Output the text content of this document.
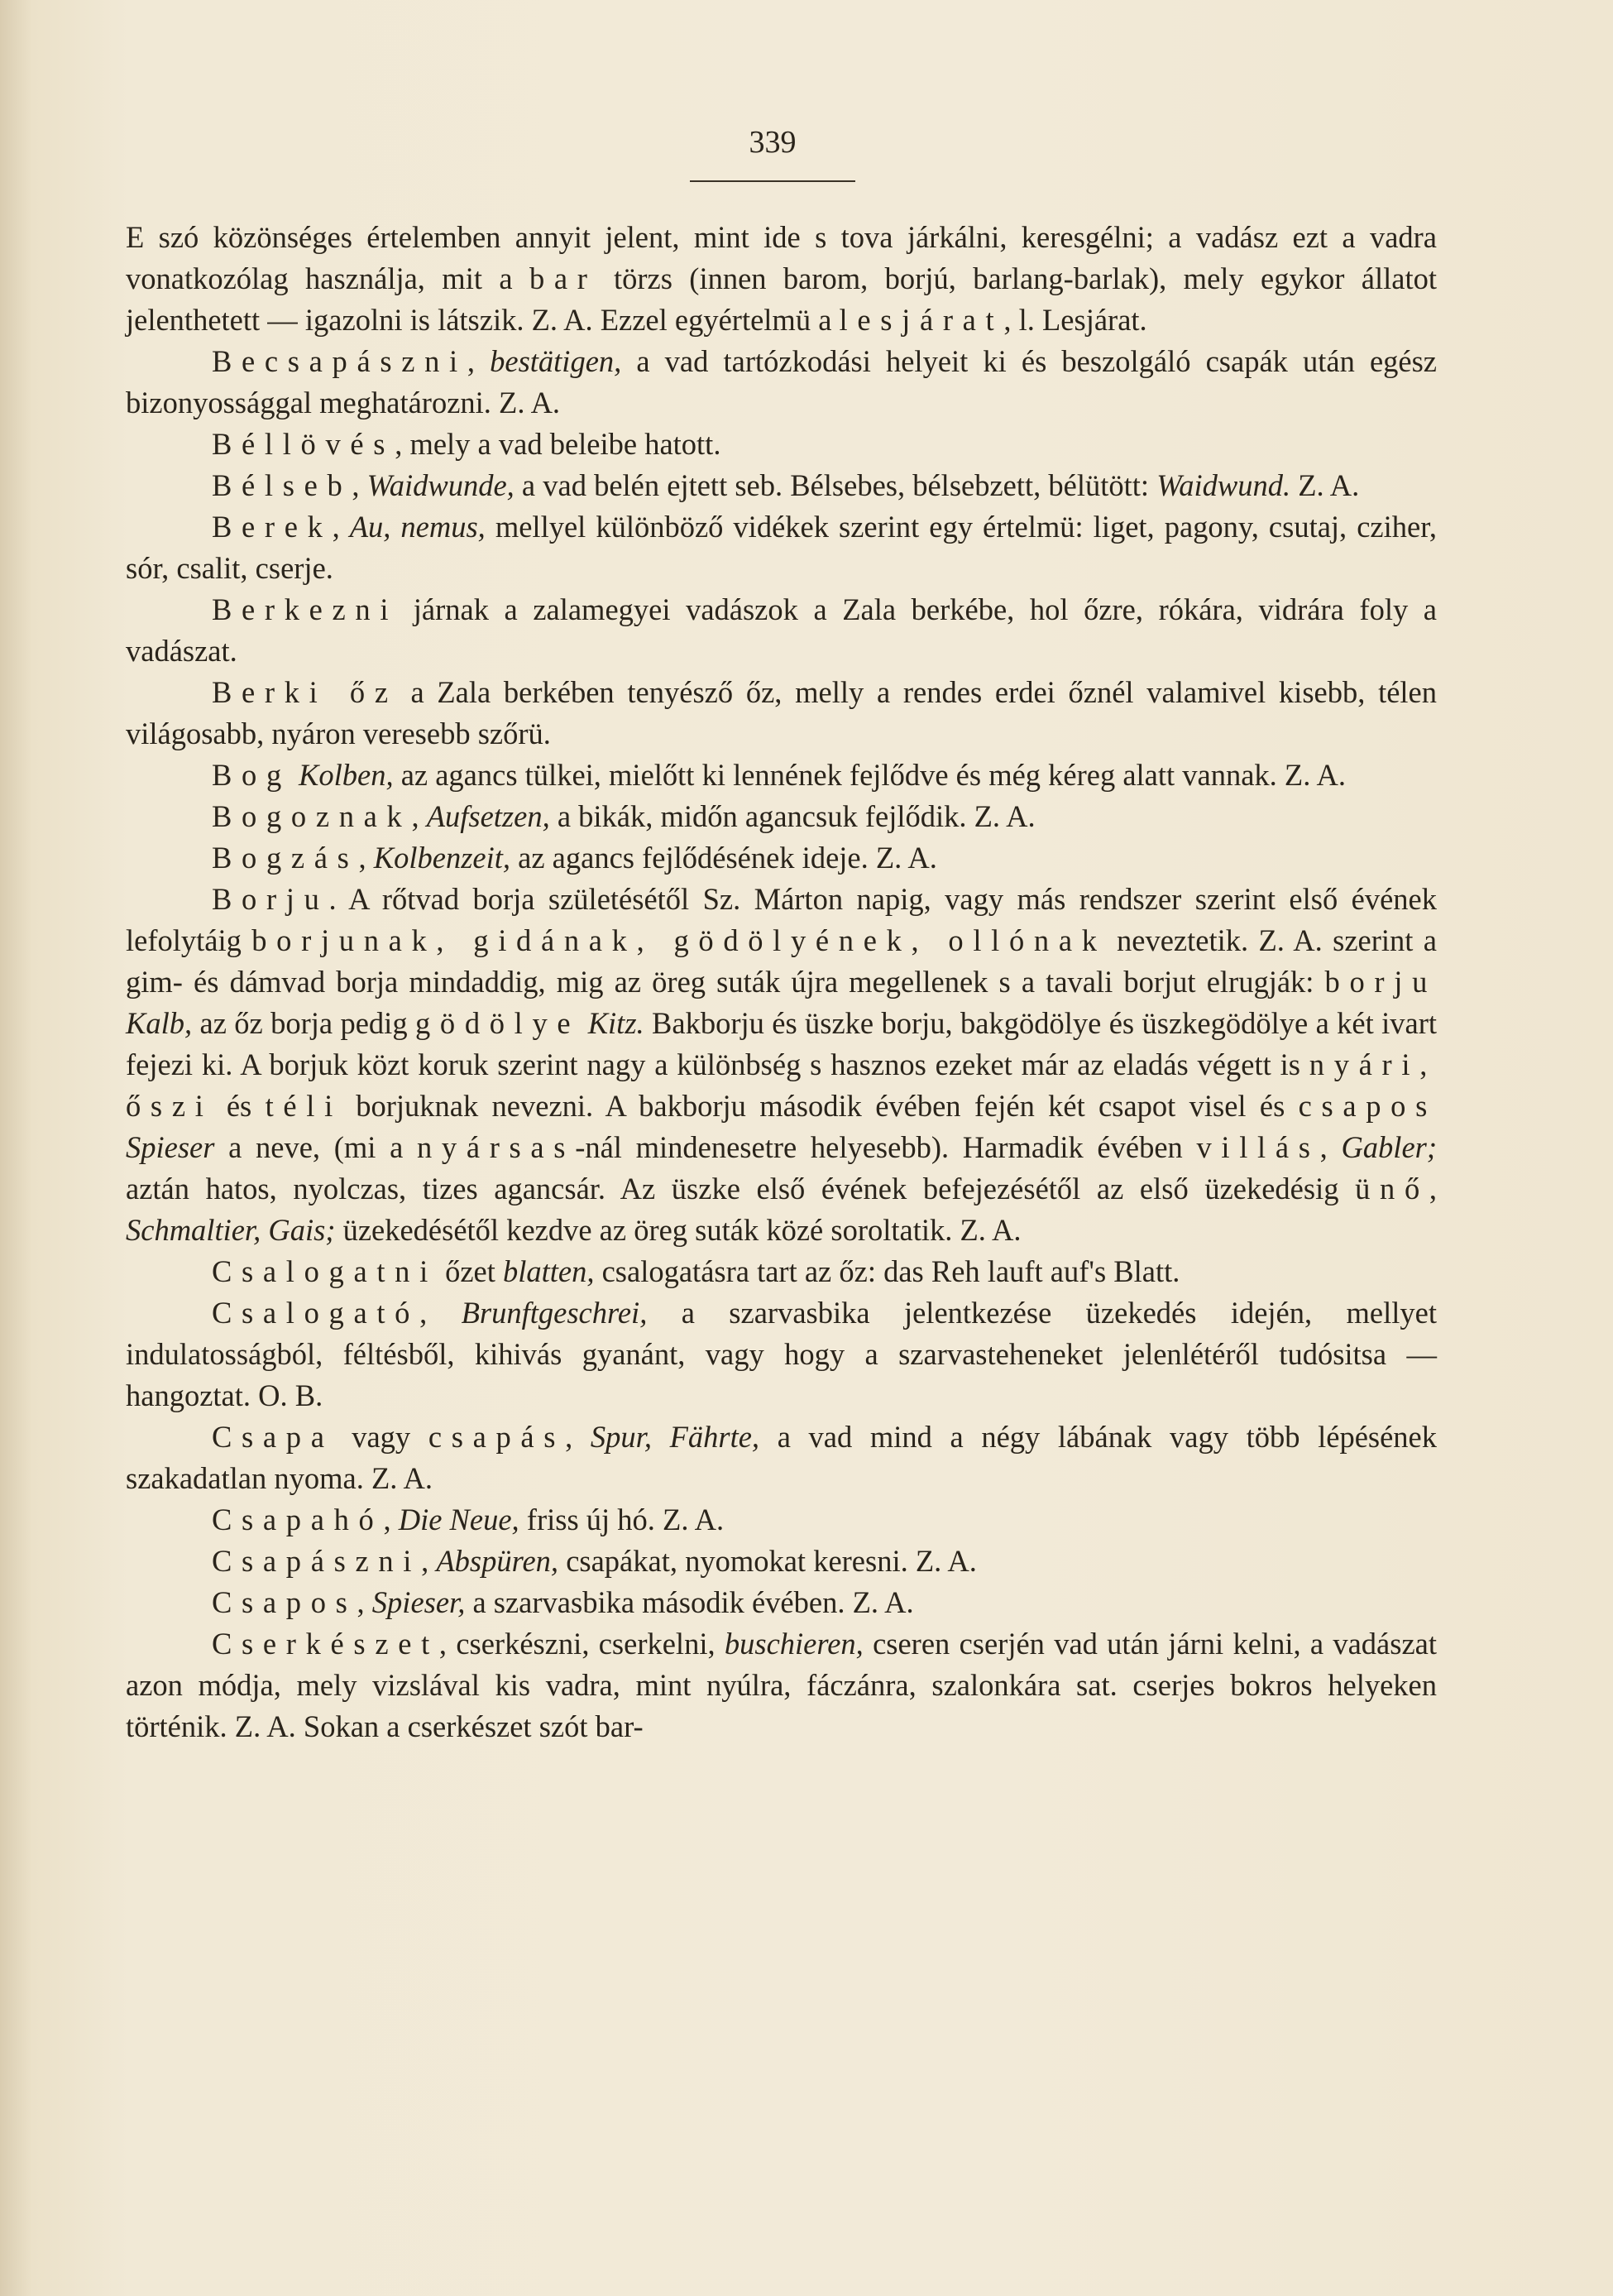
339

E szó közönséges értelemben annyit jelent, mint ide s tova járkálni, keresgélni; a vadász ezt a vadra vonatkozólag használja, mit a bar törzs (innen barom, borjú, barlang-barlak), mely egykor állatot jelenthetett — igazolni is látszik. Z. A. Ezzel egyértelmü a lesjárat, l. Lesjárat.

Becsapászni, bestätigen, a vad tartózkodási helyeit ki és beszolgáló csapák után egész bizonyossággal meghatározni. Z. A.

Béllövés, mely a vad beleibe hatott.

Bélseb, Waidwunde, a vad belén ejtett seb. Bélsebes, bélsebzett, bélütött: Waidwund. Z. A.

Berek, Au, nemus, mellyel különböző vidékek szerint egy értelmü: liget, pagony, csutaj, cziher, sór, csalit, cserje.

Berkezni járnak a zalamegyei vadászok a Zala berkébe, hol őzre, rókára, vidrára foly a vadászat.

Berki őz a Zala berkében tenyésző őz, melly a rendes erdei őznél valamivel kisebb, télen világosabb, nyáron veresebb szőrü.

Bog Kolben, az agancs tülkei, mielőtt ki lennének fejlődve és még kéreg alatt vannak. Z. A.

Bogoznak, Aufsetzen, a bikák, midőn agancsuk fejlődik. Z. A.

Bogzás, Kolbenzeit, az agancs fejlődésének ideje. Z. A.

Borju. A rőtvad borja születésétől Sz. Márton napig, vagy más rendszer szerint első évének lefolytáig borjunak, gidának, gödölyének, ollónak neveztetik. Z. A. szerint a gim- és dámvad borja mindaddig, mig az öreg suták újra megellenek s a tavali borjut elrugják: borju Kalb, az őz borja pedig gödölye Kitz. Bakborju és üszke borju, bakgödölye és üszkegödölye a két ivart fejezi ki. A borjuk közt koruk szerint nagy a különbség s hasznos ezeket már az eladás végett is nyári, őszi és téli borjuknak nevezni. A bakborju második évében fején két csapot visel és csapos Spieser a neve, (mi a nyársas-nál mindenesetre helyesebb). Harmadik évében villás, Gabler; aztán hatos, nyolczas, tizes agancsár. Az üszke első évének befejezésétől az első üzekedésig ünő, Schmaltier, Gais; üzekedésétől kezdve az öreg suták közé soroltatik. Z. A.

Csalogatni őzet blatten, csalogatásra tart az őz: das Reh lauft auf's Blatt.

Csalogató, Brunftgeschrei, a szarvasbika jelentkezése üzekedés idején, mellyet indulatosságból, féltésből, kihivás gyanánt, vagy hogy a szarvasteheneket jelenlétéről tudósitsa — hangoztat. O. B.

Csapa vagy csapás, Spur, Fährte, a vad mind a négy lábának vagy több lépésének szakadatlan nyoma. Z. A.

Csapahó, Die Neue, friss új hó. Z. A.

Csapászni, Abspüren, csapákat, nyomokat keresni. Z. A.

Csapos, Spieser, a szarvasbika második évében. Z. A.

Cserkészet, cserkészni, cserkelni, buschieren, cseren cserjén vad után járni kelni, a vadászat azon módja, mely vizslával kis vadra, mint nyúlra, fáczánra, szalonkára sat. cserjes bokros helyeken történik. Z. A. Sokan a cserkészet szót bar-
